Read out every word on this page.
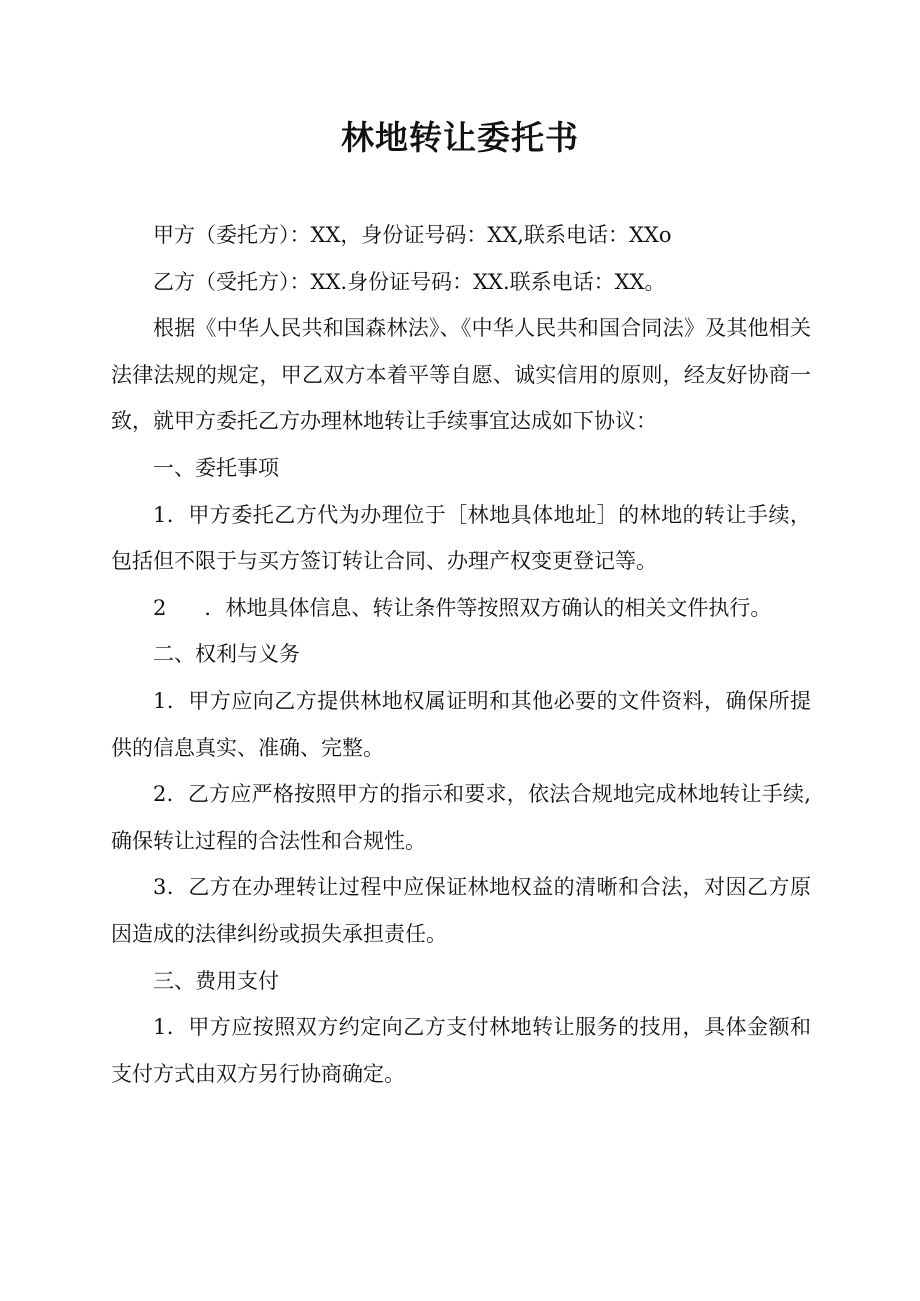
林地转让委托书

甲方（委托方）：XX，身份证号码：XX,联系电话：XXo

乙方（受托方）：XX.身份证号码：XX.联系电话：XX。

根据《中华人民共和国森林法》、《中华人民共和国合同法》及其他相关法律法规的规定，甲乙双方本着平等自愿、诚实信用的原则，经友好协商一致，就甲方委托乙方办理林地转让手续事宜达成如下协议：

一、委托事项

1．甲方委托乙方代为办理位于［林地具体地址］的林地的转让手续，包括但不限于与买方签订转让合同、办理产权变更登记等。

2 ．林地具体信息、转让条件等按照双方确认的相关文件执行。

二、权利与义务

1．甲方应向乙方提供林地权属证明和其他必要的文件资料，确保所提供的信息真实、准确、完整。

2．乙方应严格按照甲方的指示和要求，依法合规地完成林地转让手续,确保转让过程的合法性和合规性。

3．乙方在办理转让过程中应保证林地权益的清晰和合法，对因乙方原因造成的法律纠纷或损失承担责任。

三、费用支付

1．甲方应按照双方约定向乙方支付林地转让服务的技用，具体金额和支付方式由双方另行协商确定。
